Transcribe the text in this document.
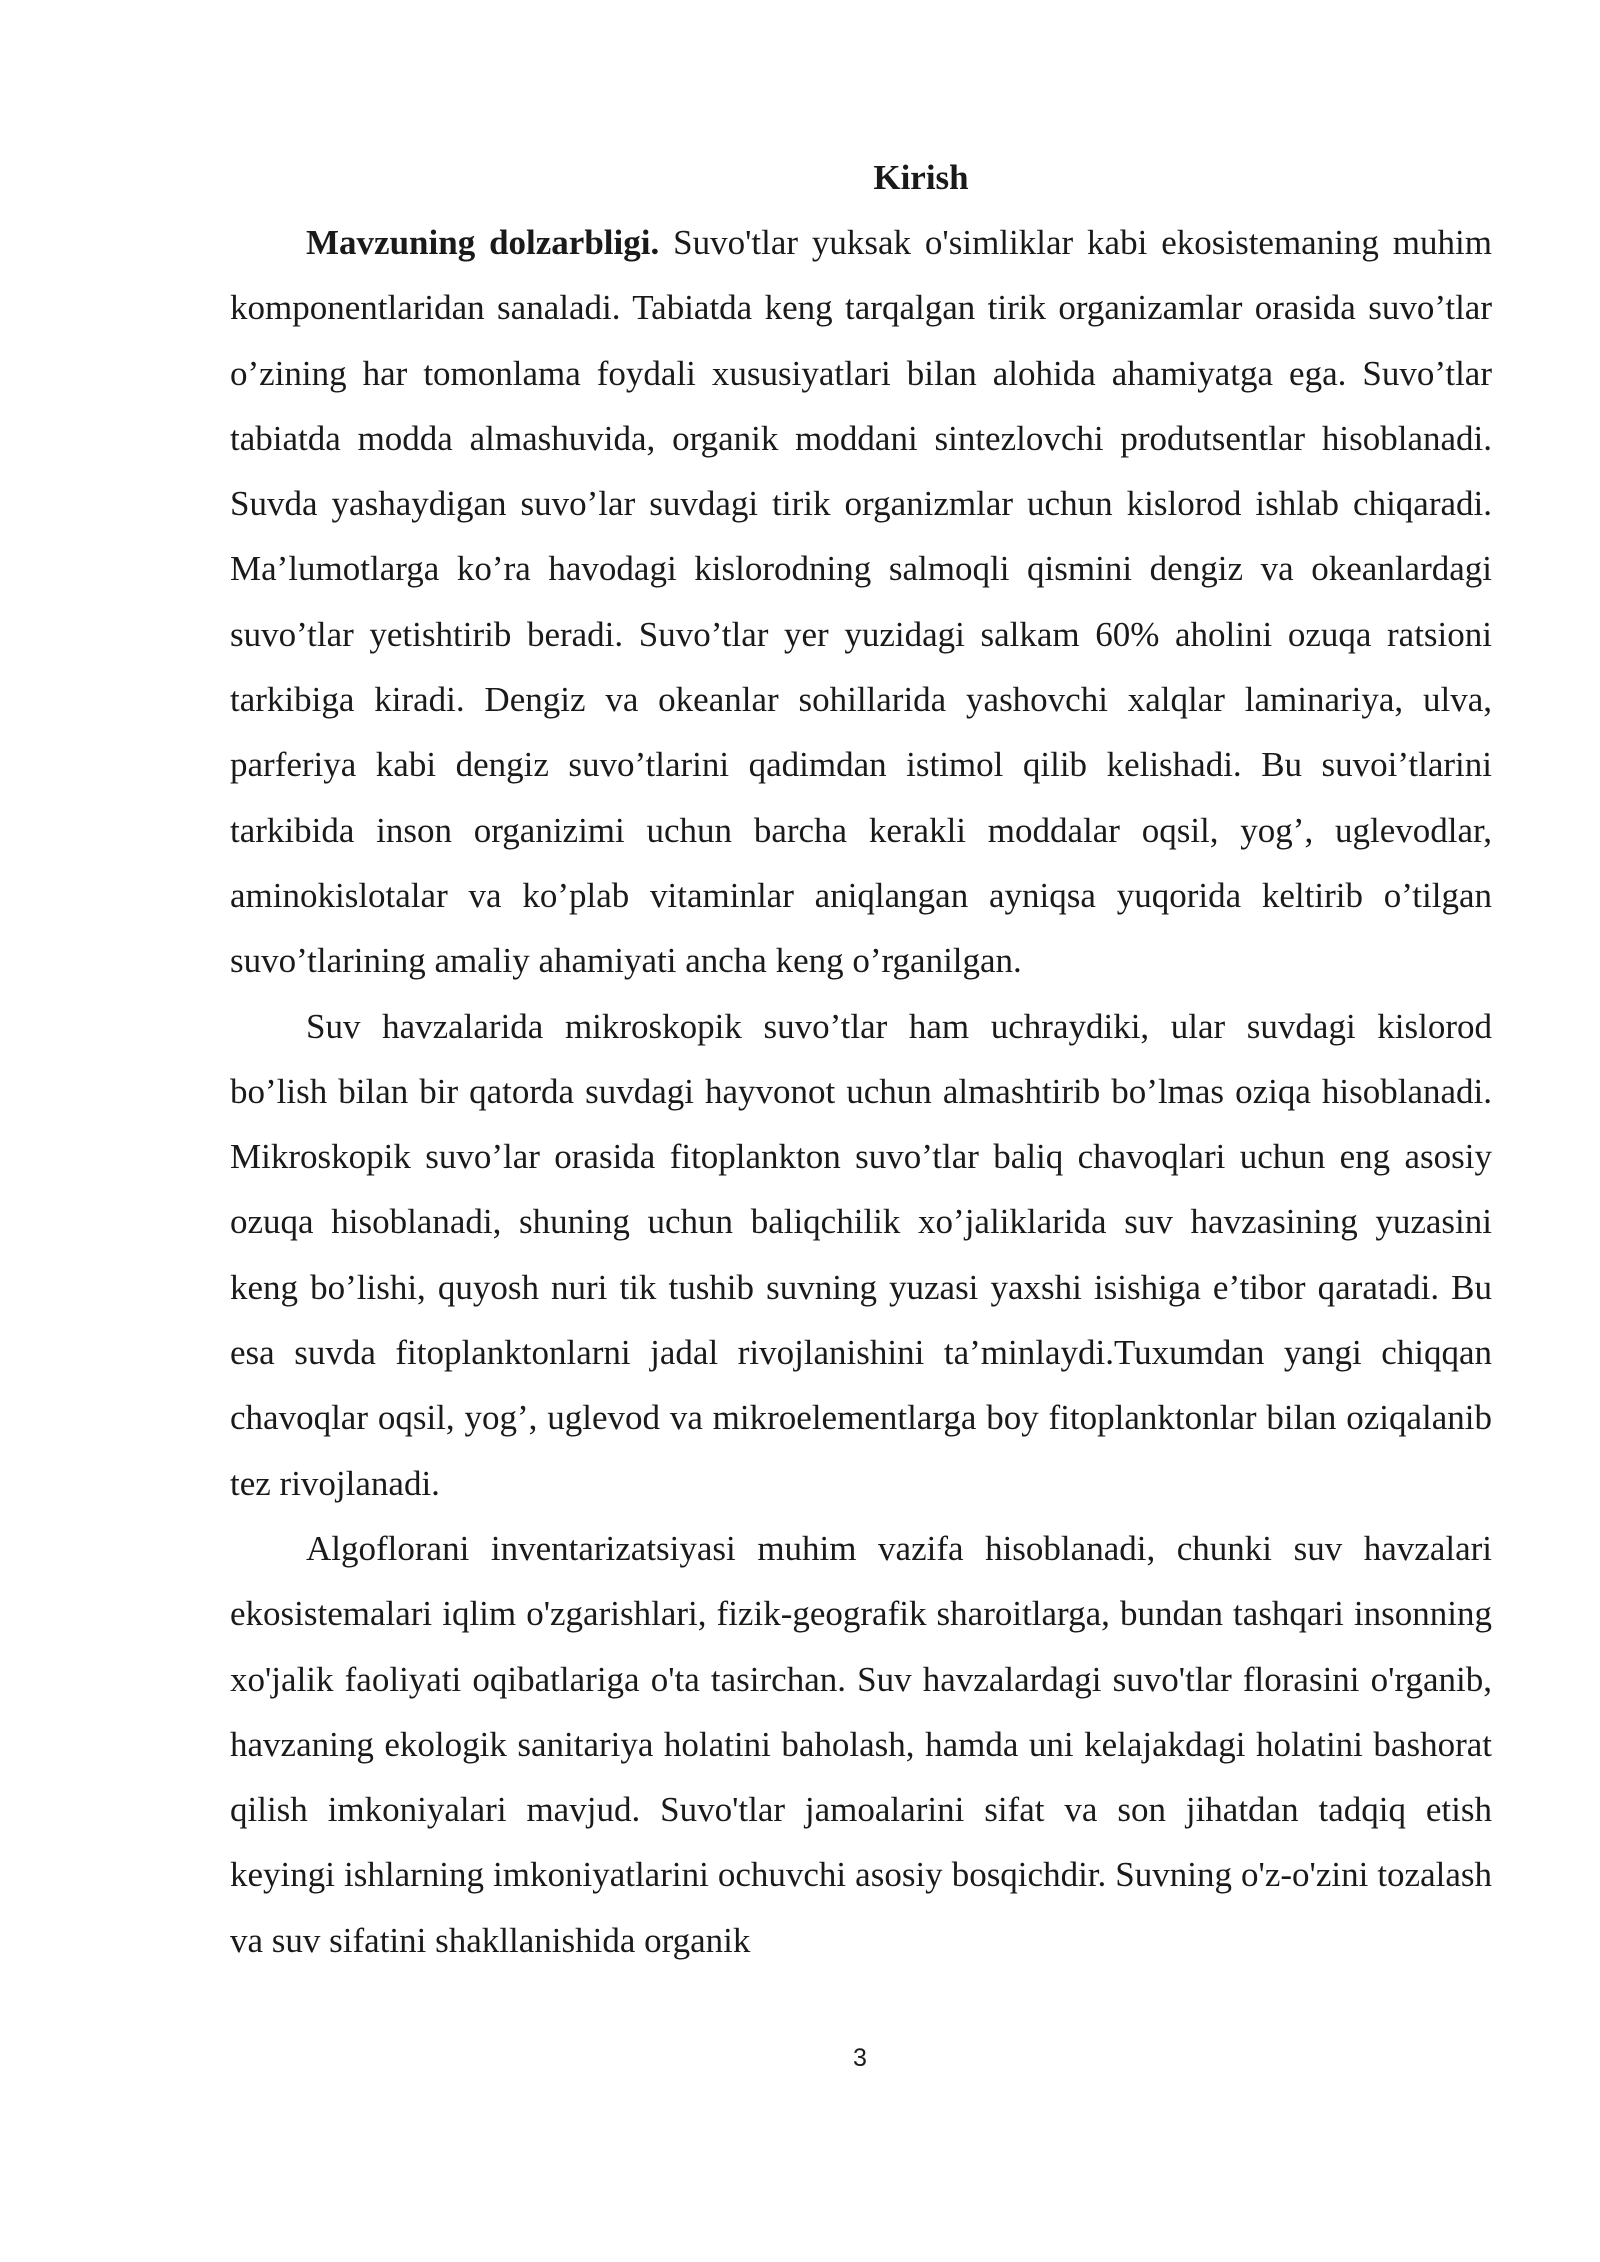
Kirish

Mavzuning dolzarbligi. Suvo'tlar yuksak o'simliklar kabi ekosistemaning muhim komponentlaridan sanaladi. Tabiatda keng tarqalgan tirik organizamlar orasida suvo’tlar o’zining har tomonlama foydali xususiyatlari bilan alohida ahamiyatga ega. Suvo’tlar tabiatda modda almashuvida, organik moddani sintezlovchi produtsentlar hisoblanadi. Suvda yashaydigan suvo’lar suvdagi tirik organizmlar uchun kislorod ishlab chiqaradi. Ma’lumotlarga ko’ra havodagi kislorodning salmoqli qismini dengiz va okeanlardagi suvo’tlar yetishtirib beradi. Suvo’tlar yer yuzidagi salkam 60% aholini ozuqa ratsioni tarkibiga kiradi. Dengiz va okeanlar sohillarida yashovchi xalqlar laminariya, ulva, parferiya kabi dengiz suvo’tlarini qadimdan istimol qilib kelishadi. Bu suvoi’tlarini tarkibida inson organizimi uchun barcha kerakli moddalar oqsil, yog’, uglevodlar, aminokislotalar va ko’plab vitaminlar aniqlangan ayniqsa yuqorida keltirib o’tilgan suvo’tlarining amaliy ahamiyati ancha keng o’rganilgan.

Suv havzalarida mikroskopik suvo’tlar ham uchraydiki, ular suvdagi kislorod bo’lish bilan bir qatorda suvdagi hayvonot uchun almashtirib bo’lmas oziqa hisoblanadi. Mikroskopik suvo’lar orasida fitoplankton suvo’tlar baliq chavoqlari uchun eng asosiy ozuqa hisoblanadi, shuning uchun baliqchilik xo’jaliklarida suv havzasining yuzasini keng bo’lishi, quyosh nuri tik tushib suvning yuzasi yaxshi isishiga e’tibor qaratadi. Bu esa suvda fitoplanktonlarni jadal rivojlanishini ta’minlaydi.Tuxumdan yangi chiqqan chavoqlar oqsil, yog’, uglevod va mikroelementlarga boy fitoplanktonlar bilan oziqalanib tez rivojlanadi.

Algoflorani inventarizatsiyasi muhim vazifa hisoblanadi, chunki suv havzalari ekosistemalari iqlim o'zgarishlari, fizik-geografik sharoitlarga, bundan tashqari insonning xo'jalik faoliyati oqibatlariga o'ta tasirchan. Suv havzalardagi suvo'tlar florasini o'rganib, havzaning ekologik sanitariya holatini baholash, hamda uni kelajakdagi holatini bashorat qilish imkoniyalari mavjud. Suvo'tlar jamoalarini sifat va son jihatdan tadqiq etish keyingi ishlarning imkoniyatlarini ochuvchi asosiy bosqichdir. Suvning o'z-o'zini tozalash va suv sifatini shakllanishida organik

3
